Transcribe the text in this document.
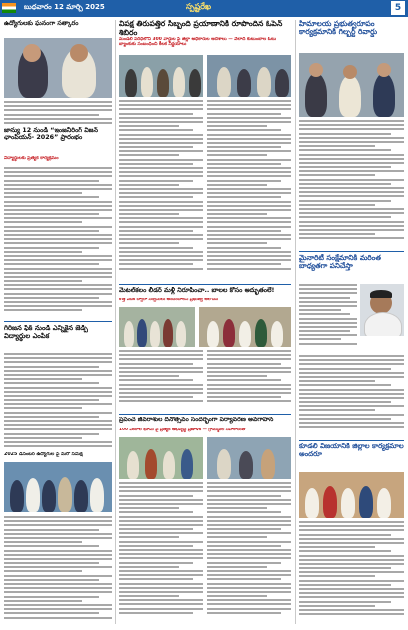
బుధవారం 12 మార్చి 2025	స్పష్టరేఖ	5
ఉద్యోగులకు ఘనంగా సత్కారం
జాన్యు 12 నుండి “ఇంజనీరింగ్ విజన్ ఛాంపియన్- 2026” ప్రారంభం
విద్యార్థులకు ప్రత్యేక కార్యక్రమం
గిరిజన ఫిక్ నుండి ఎన్నికైన జెడ్పీ విద్యార్థుల ఎంపిక
2025 డిసెంబర్ ఉద్యోగుల పై మరో సమీక్ష
విపక్ష తిరుపత్తిర సిబ్బంది ప్రయాణానికి రూపొందిన ఓపెన్ శిబిరం
మండలి పరిధిలోని 300 వార్డుల పై జిల్లా అధికారుల ఆదేశాలు — వేలాది కుటుంబాల ఓటు బ్యాంకుకు సంబంధించి కీలక నిర్ణయాలు
మెటల్‌కలం లీడర్ మళ్లీ నిరూపించా.. బాలల కోసం అద్భుతంలే!
కొత్త వేదిక ద్వారా సర్వీసులు అందించాలని ప్రభుత్వ ఆలోచన
ప్రపంచ జీవరాశుల దినోత్సవం సందర్భంగా పర్యావరణ అవగాహన
100 ఎకరాల భూమి పై ప్రత్యేక అభివృద్ధి ప్రణాళిక — గ్రామస్థుల సహకారంతో
హిమాలయ ప్రభుత్వరూపం కార్యక్రమానికి గిల్బర్ట్ రివార్డు
మైనారిటీ సంక్షేమానికి మరింత బాధ్యతగా పనిచేస్తా
కూడలి విజయానికి జిల్లాల కార్యక్రమాల అందరూ
